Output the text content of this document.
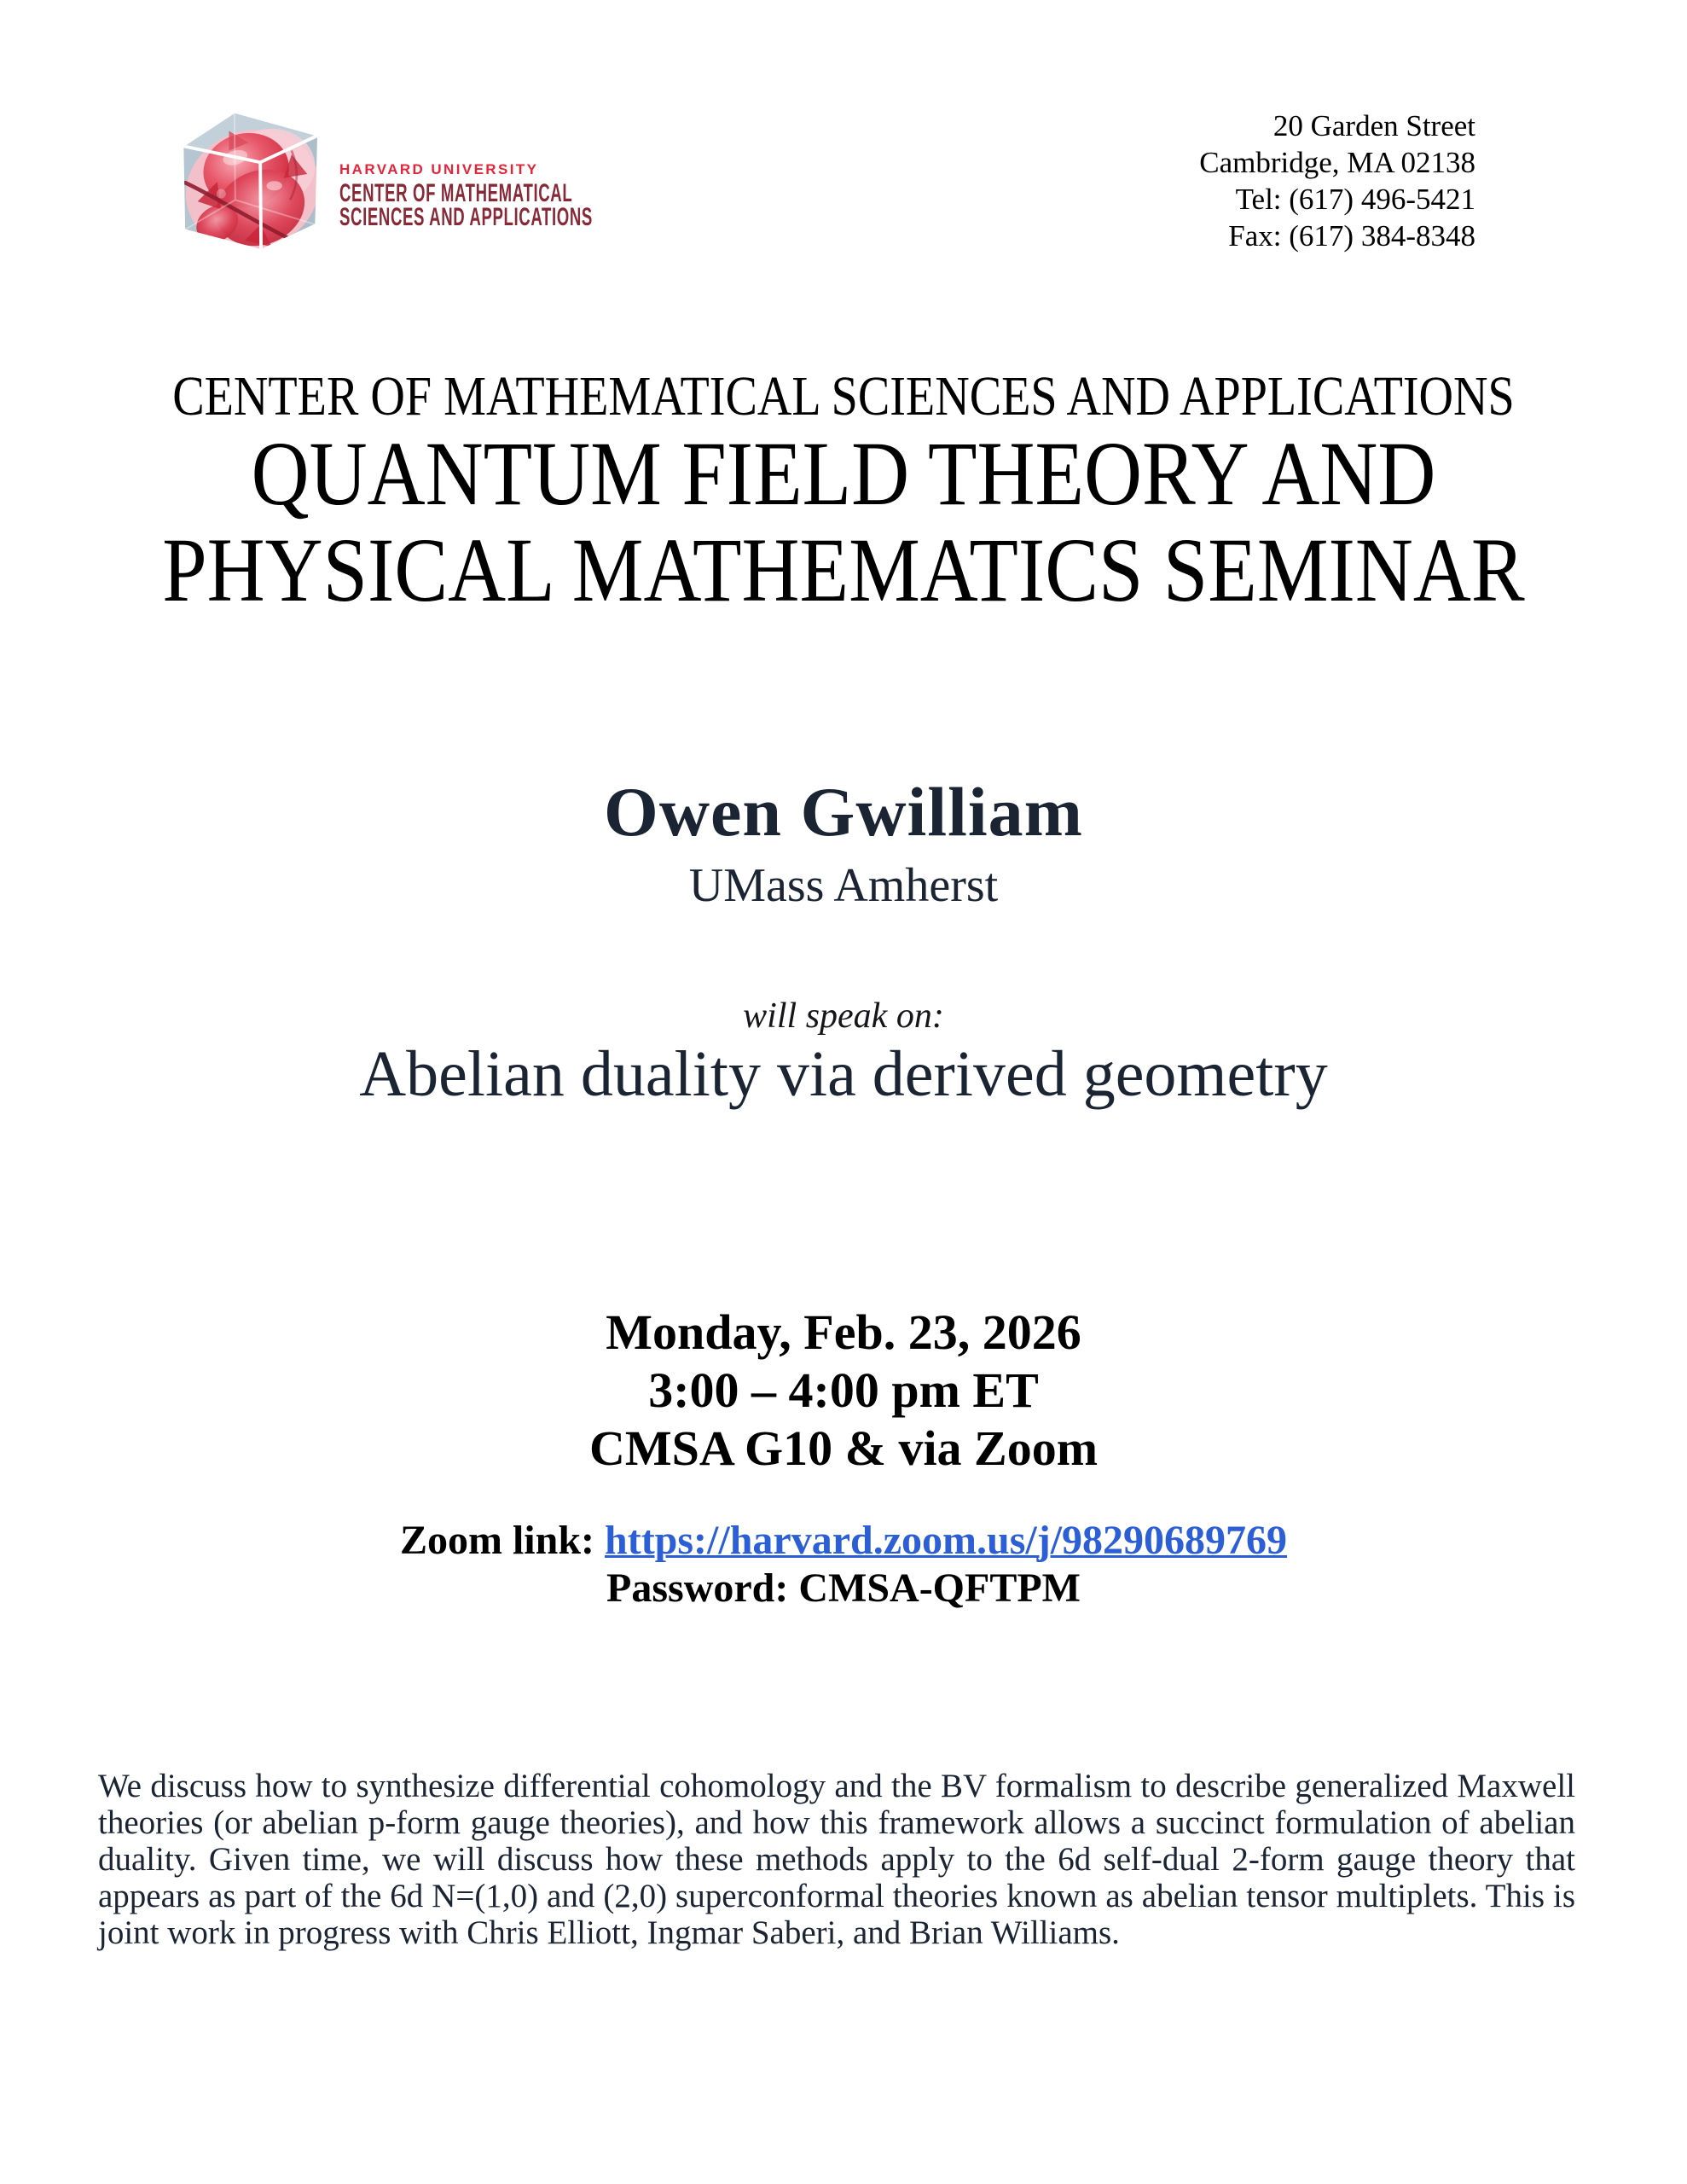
HARVARD UNIVERSITY
CENTER OF MATHEMATICAL
SCIENCES AND APPLICATIONS
20 Garden Street
Cambridge, MA 02138
Tel: (617) 496-5421
Fax: (617) 384-8348
CENTER OF MATHEMATICAL SCIENCES AND APPLICATIONS
QUANTUM FIELD THEORY AND
PHYSICAL MATHEMATICS SEMINAR
Owen Gwilliam
UMass Amherst
will speak on:
Abelian duality via derived geometry
Monday, Feb. 23, 2026
3:00 – 4:00 pm ET
CMSA G10 & via Zoom
Zoom link: https://harvard.zoom.us/j/98290689769
Password: CMSA-QFTPM

We discuss how to synthesize differential cohomology and the BV formalism to describe generalized Maxwell theories (or abelian p-form gauge theories), and how this framework allows a succinct formulation of abelian duality. Given time, we will discuss how these methods apply to the 6d self-dual 2-form gauge theory that appears as part of the 6d N=(1,0) and (2,0) superconformal theories known as abelian tensor multiplets. This is joint work in progress with Chris Elliott, Ingmar Saberi, and Brian Williams.
